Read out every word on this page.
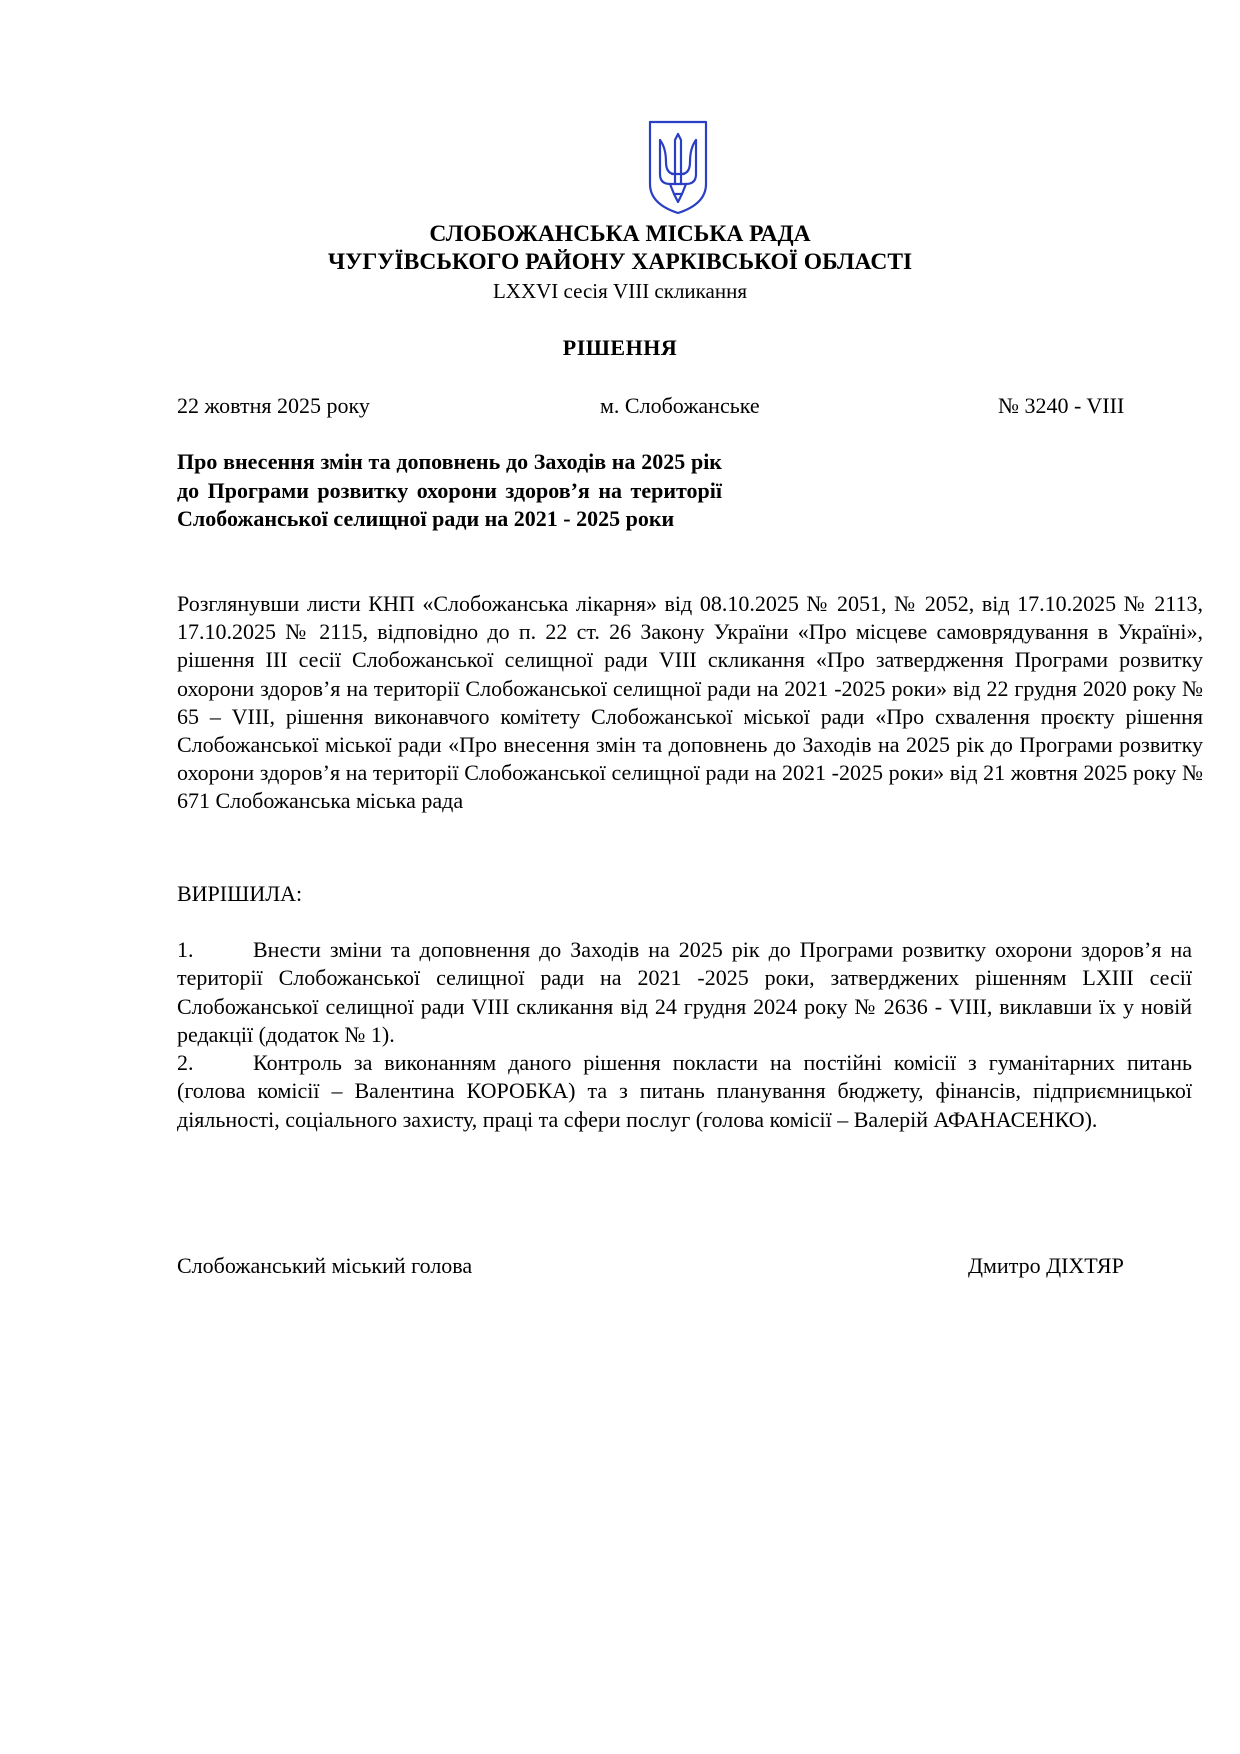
СЛОБОЖАНСЬКА МІСЬКА РАДА
ЧУГУЇВСЬКОГО РАЙОНУ ХАРКІВСЬКОЇ ОБЛАСТІ
LXXVI сесія VIII скликання
РІШЕННЯ
22 жовтня 2025 року	м. Слобожанське	№ 3240 - VIII
Про внесення змін та доповнень до Заходів на 2025 рік до Програми розвитку охорони здоров’я на території Слобожанської селищної ради на 2021 - 2025 роки
Розглянувши листи КНП «Слобожанська лікарня» від 08.10.2025 № 2051, № 2052, від 17.10.2025 № 2113, 17.10.2025 № 2115, відповідно до п. 22 ст. 26 Закону України «Про місцеве самоврядування в Україні», рішення ІІІ сесії Слобожанської селищної ради VІІІ скликання «Про затвердження Програми розвитку охорони здоров’я на території Слобожанської селищної ради на 2021 -2025 роки» від 22 грудня 2020 року № 65 – VIII, рішення виконавчого комітету Слобожанської міської ради «Про схвалення проєкту рішення Слобожанської міської ради «Про внесення змін та доповнень до Заходів на 2025 рік до Програми розвитку охорони здоров’я на території Слобожанської селищної ради на 2021 -2025 роки» від 21 жовтня 2025 року № 671 Слобожанська міська рада
ВИРІШИЛА:
1.	Внести зміни та доповнення до Заходів на 2025 рік до Програми розвитку охорони здоров’я на території Слобожанської селищної ради на 2021 -2025 роки, затверджених рішенням LXIII сесії Слобожанської селищної ради VIII скликання від 24 грудня 2024 року № 2636 - VIII, виклавши їх у новій редакції (додаток № 1).
2.	Контроль за виконанням даного рішення покласти на постійні комісії з гуманітарних питань (голова комісії – Валентина КОРОБКА) та з питань планування бюджету, фінансів, підприємницької діяльності, соціального захисту, праці та сфери послуг (голова комісії – Валерій АФАНАСЕНКО).
Слобожанський міський голова	Дмитро ДІХТЯР
